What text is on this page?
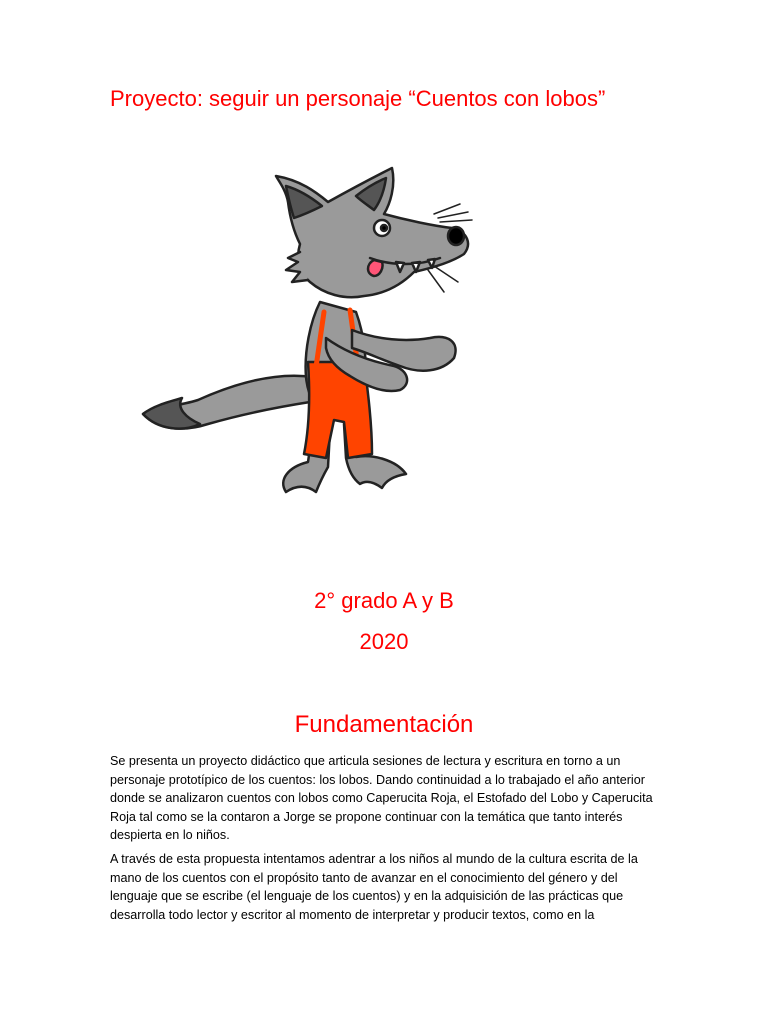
Proyecto: seguir un personaje “Cuentos con lobos”
2° grado A y B
2020
Fundamentación

Se presenta un proyecto didáctico que articula sesiones de lectura y escritura en torno a un personaje prototípico de los cuentos: los lobos. Dando continuidad a lo trabajado el año anterior donde se analizaron cuentos con lobos como Caperucita Roja, el Estofado del Lobo y Caperucita Roja tal como se la contaron a Jorge se propone continuar con la temática que tanto interés despierta en lo niños.

A través de esta propuesta intentamos adentrar a los niños al mundo de la cultura escrita de la mano de los cuentos con el propósito tanto de avanzar en el conocimiento del género y del lenguaje que se escribe (el lenguaje de los cuentos) y en la adquisición de las prácticas que desarrolla todo lector y escritor al momento de interpretar y producir textos, como en la
